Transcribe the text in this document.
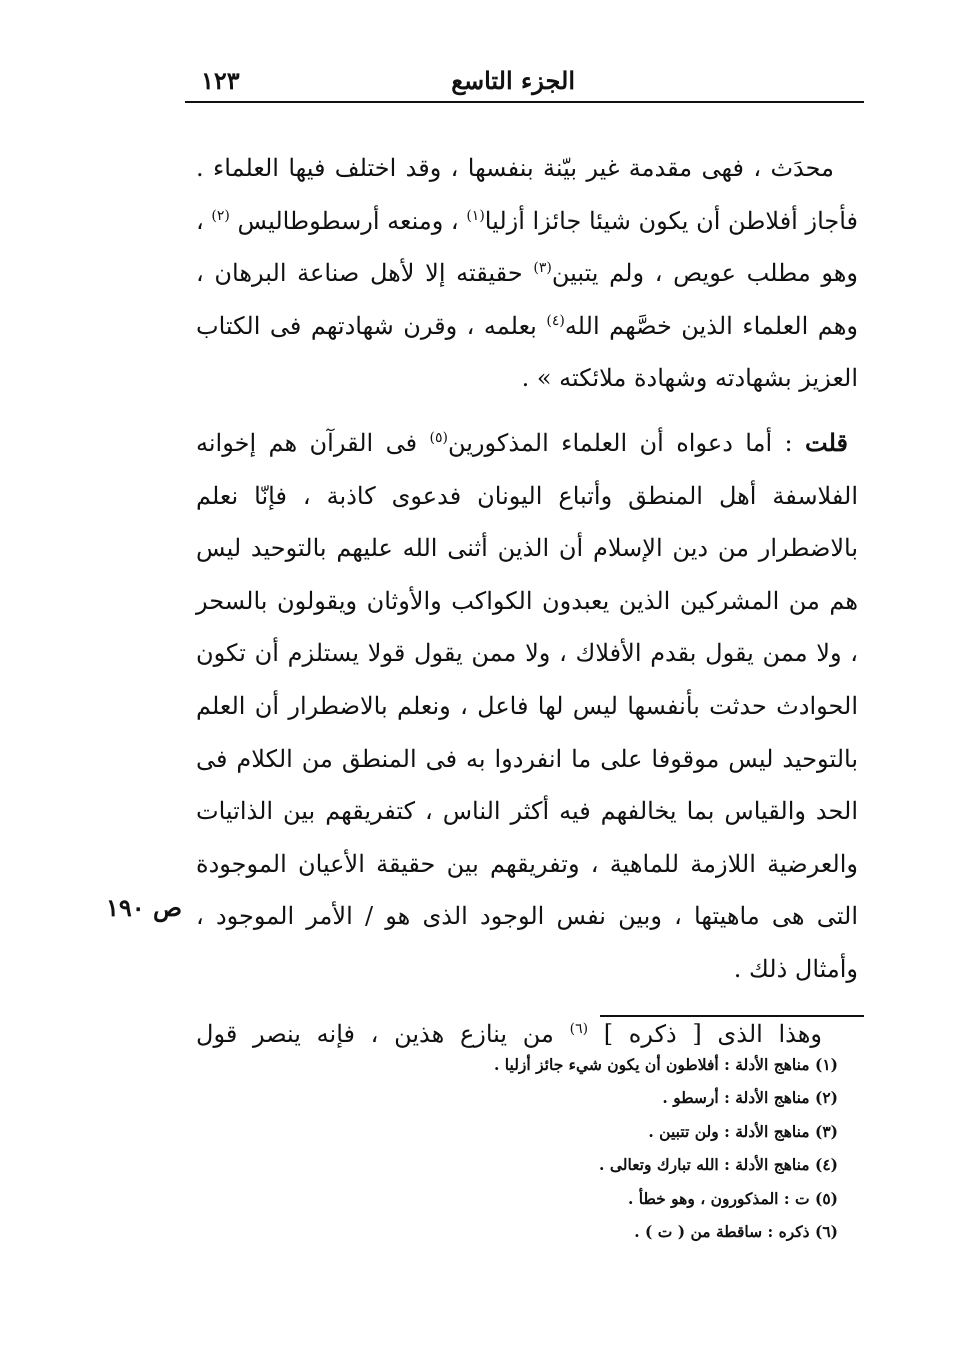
الجزء التاسع
١٢٣

محدَث ، فهى مقدمة غير بيّنة بنفسها ، وقد اختلف فيها العلماء . فأجاز أفلاطن أن يكون شيئا جائزا أزليا$^{(١)}$ ، ومنعه أرسطوطاليس $^{(٢)}$ ، وهو مطلب عويص ، ولم يتبين$^{(٣)}$ حقيقته إلا لأهل صناعة البرهان ، وهم العلماء الذين خصَّهم الله$^{(٤)}$ بعلمه ، وقرن شهادتهم فى الكتاب العزيز بشهادته وشهادة ملائكته » .

قلت : أما دعواه أن العلماء المذكورين$^{(٥)}$ فى القرآن هم إخوانه الفلاسفة أهل المنطق وأتباع اليونان فدعوى كاذبة ، فإنّا نعلم بالاضطرار من دين الإسلام أن الذين أثنى الله عليهم بالتوحيد ليس هم من المشركين الذين يعبدون الكواكب والأوثان ويقولون بالسحر ، ولا ممن يقول بقدم الأفلاك ، ولا ممن يقول قولا يستلزم أن تكون الحوادث حدثت بأنفسها ليس لها فاعل ، ونعلم بالاضطرار أن العلم بالتوحيد ليس موقوفا على ما انفردوا به فى المنطق من الكلام فى الحد والقياس بما يخالفهم فيه أكثر الناس ، كتفريقهم بين الذاتيات والعرضية اللازمة للماهية ، وتفريقهم بين حقيقة الأعيان الموجودة التى هى ماهيتها ، وبين نفس الوجود الذى هو / الأمر الموجود ، وأمثال ذلك .

وهذا الذى [ ذكره ] $^{(٦)}$ من ينازع هذين ، فإنه ينصر قول

ص ١٩٠

(١) مناهج الأدلة : أفلاطون أن يكون شيء جائز أزليا .

(٢) مناهج الأدلة : أرسطو .

(٣) مناهج الأدلة : ولن تتبين .

(٤) مناهج الأدلة : الله تبارك وتعالى .

(٥) ت : المذكورون ، وهو خطأ .

(٦) ذكره : ساقطة من ( ت ) .
